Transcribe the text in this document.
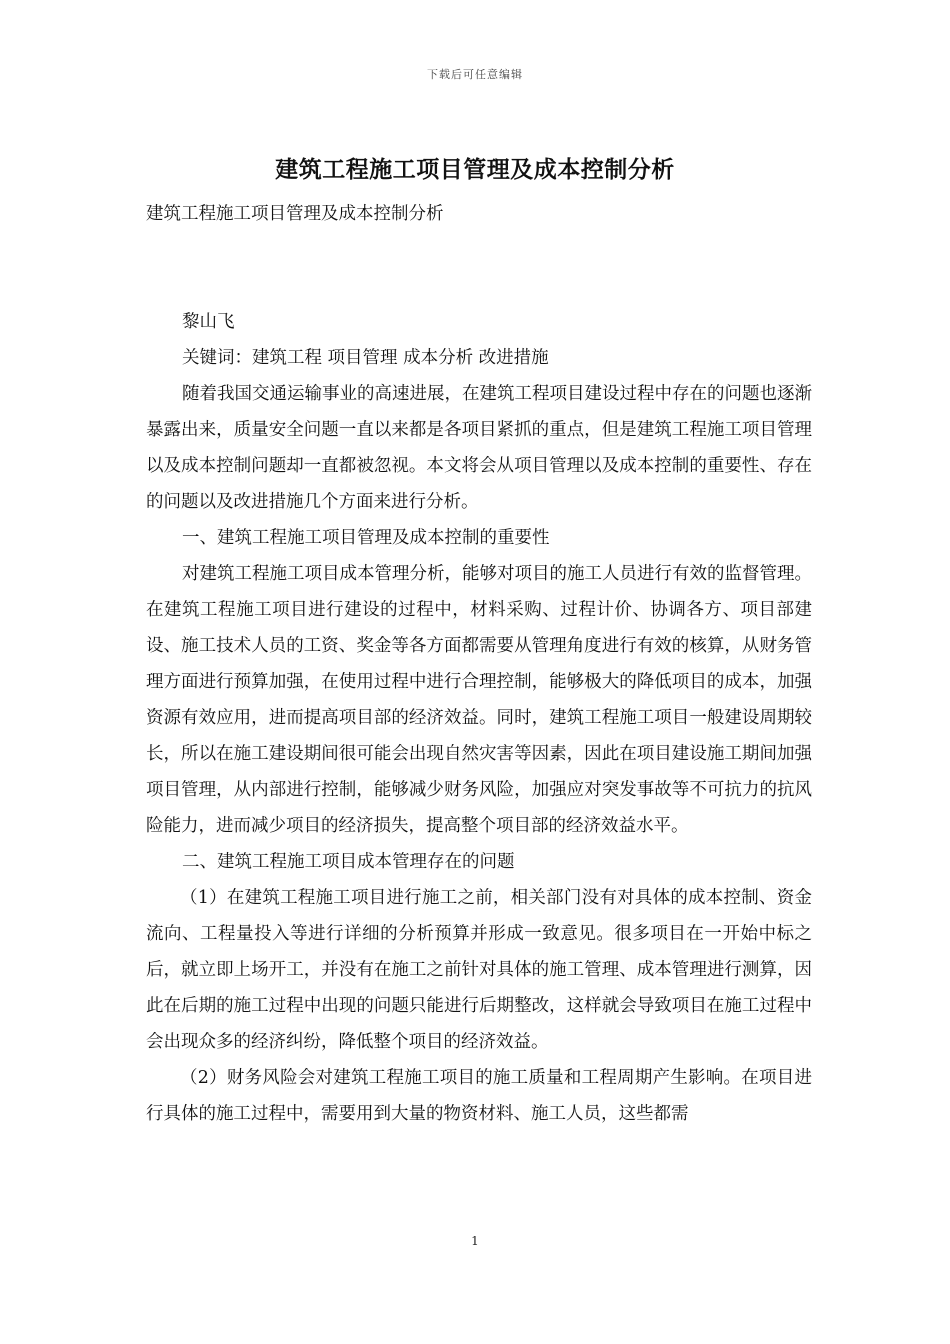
下载后可任意编辑
建筑工程施工项目管理及成本控制分析

建筑工程施工项目管理及成本控制分析

黎山飞

关键词：建筑工程 项目管理 成本分析 改进措施

随着我国交通运输事业的高速进展，在建筑工程项目建设过程中存在的问题也逐渐暴露出来，质量安全问题一直以来都是各项目紧抓的重点，但是建筑工程施工项目管理以及成本控制问题却一直都被忽视。本文将会从项目管理以及成本控制的重要性、存在的问题以及改进措施几个方面来进行分析。

一、建筑工程施工项目管理及成本控制的重要性

对建筑工程施工项目成本管理分析，能够对项目的施工人员进行有效的监督管理。在建筑工程施工项目进行建设的过程中，材料采购、过程计价、协调各方、项目部建设、施工技术人员的工资、奖金等各方面都需要从管理角度进行有效的核算，从财务管理方面进行预算加强，在使用过程中进行合理控制，能够极大的降低项目的成本，加强资源有效应用，进而提高项目部的经济效益。同时，建筑工程施工项目一般建设周期较长，所以在施工建设期间很可能会出现自然灾害等因素，因此在项目建设施工期间加强项目管理，从内部进行控制，能够减少财务风险，加强应对突发事故等不可抗力的抗风险能力，进而减少项目的经济损失，提高整个项目部的经济效益水平。

二、建筑工程施工项目成本管理存在的问题

（1）在建筑工程施工项目进行施工之前，相关部门没有对具体的成本控制、资金流向、工程量投入等进行详细的分析预算并形成一致意见。很多项目在一开始中标之后，就立即上场开工，并没有在施工之前针对具体的施工管理、成本管理进行测算，因此在后期的施工过程中出现的问题只能进行后期整改，这样就会导致项目在施工过程中会出现众多的经济纠纷，降低整个项目的经济效益。

（2）财务风险会对建筑工程施工项目的施工质量和工程周期产生影响。在项目进行具体的施工过程中，需要用到大量的物资材料、施工人员，这些都需

1
